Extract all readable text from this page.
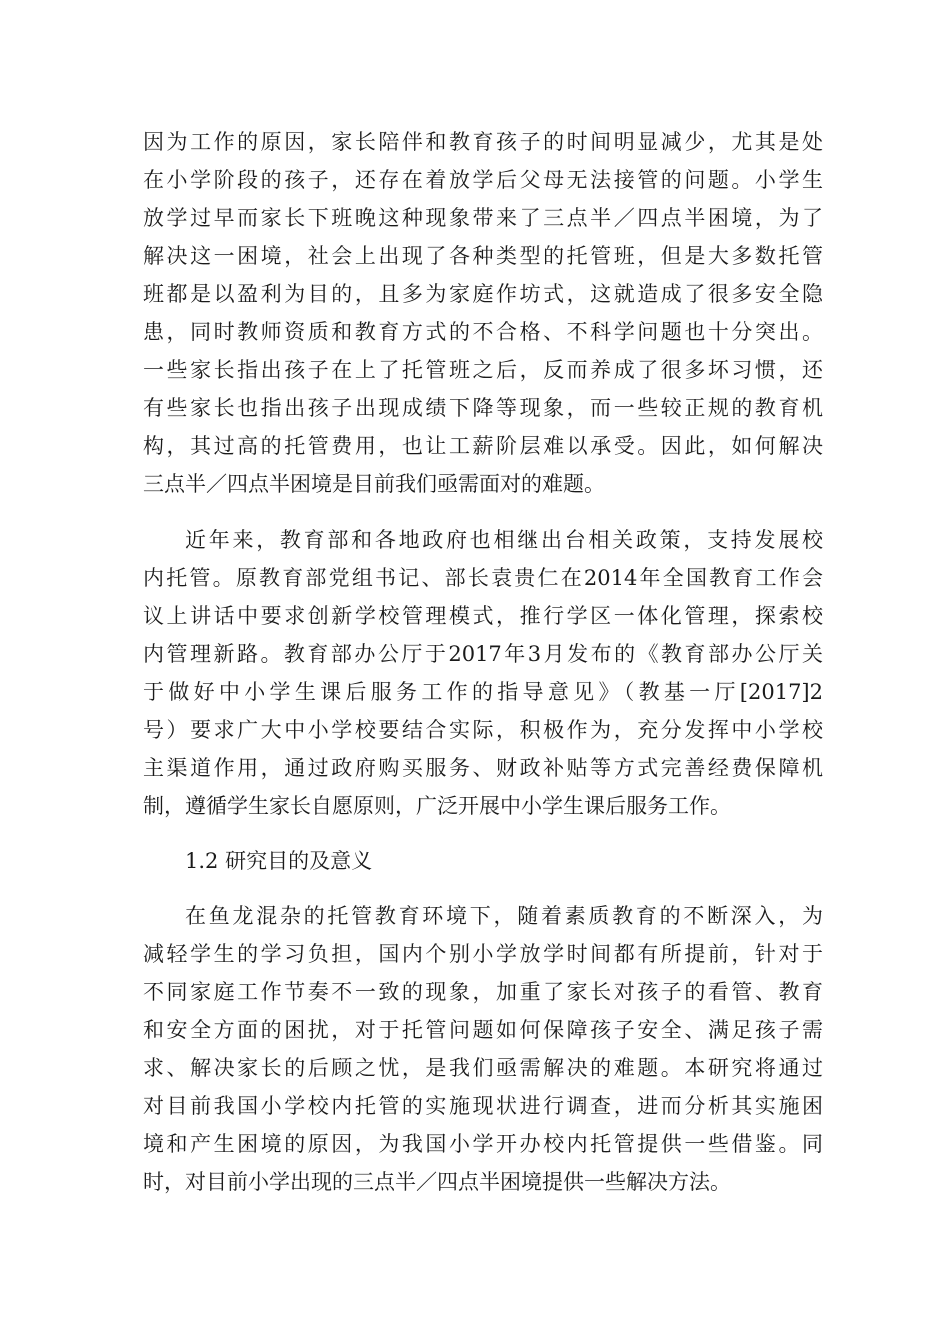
因为工作的原因，家长陪伴和教育孩子的时间明显减少，尤其是处
在小学阶段的孩子，还存在着放学后父母无法接管的问题。小学生
放学过早而家长下班晚这种现象带来了三点半／四点半困境，为了
解决这一困境，社会上出现了各种类型的托管班，但是大多数托管
班都是以盈利为目的，且多为家庭作坊式，这就造成了很多安全隐
患，同时教师资质和教育方式的不合格、不科学问题也十分突出。
一些家长指出孩子在上了托管班之后，反而养成了很多坏习惯，还
有些家长也指出孩子出现成绩下降等现象，而一些较正规的教育机
构，其过高的托管费用，也让工薪阶层难以承受。因此，如何解决
三点半／四点半困境是目前我们亟需面对的难题。
近年来，教育部和各地政府也相继出台相关政策，支持发展校
内托管。原教育部党组书记、部长袁贵仁在2014年全国教育工作会
议上讲话中要求创新学校管理模式，推行学区一体化管理，探索校
内管理新路。教育部办公厅于2017年3月发布的《教育部办公厅关
于做好中小学生课后服务工作的指导意见》（教基一厅[2017]2
号）要求广大中小学校要结合实际，积极作为，充分发挥中小学校
主渠道作用，通过政府购买服务、财政补贴等方式完善经费保障机
制，遵循学生家长自愿原则，广泛开展中小学生课后服务工作。
1.2 研究目的及意义
在鱼龙混杂的托管教育环境下，随着素质教育的不断深入，为
减轻学生的学习负担，国内个别小学放学时间都有所提前，针对于
不同家庭工作节奏不一致的现象，加重了家长对孩子的看管、教育
和安全方面的困扰，对于托管问题如何保障孩子安全、满足孩子需
求、解决家长的后顾之忧，是我们亟需解决的难题。本研究将通过
对目前我国小学校内托管的实施现状进行调查，进而分析其实施困
境和产生困境的原因，为我国小学开办校内托管提供一些借鉴。同
时，对目前小学出现的三点半／四点半困境提供一些解决方法。
